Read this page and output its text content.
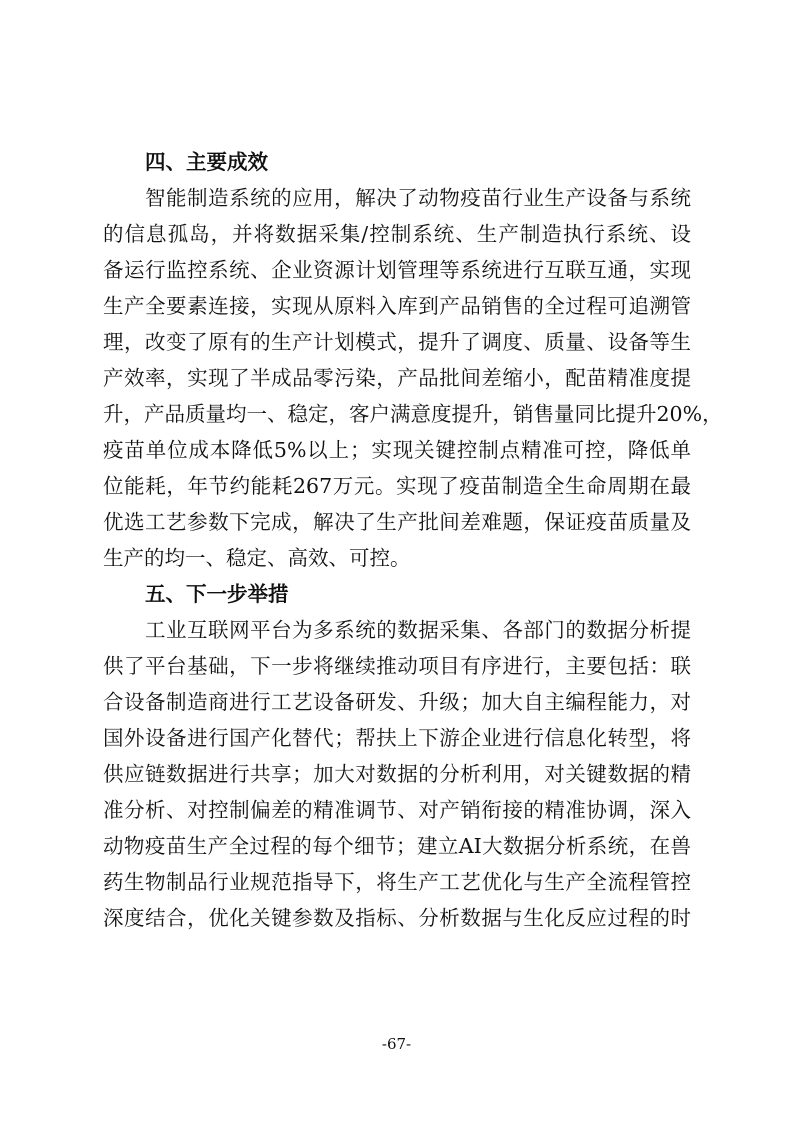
四、主要成效
智能制造系统的应用，解决了动物疫苗行业生产设备与系统
的信息孤岛，并将数据采集/控制系统、生产制造执行系统、设
备运行监控系统、企业资源计划管理等系统进行互联互通，实现
生产全要素连接，实现从原料入库到产品销售的全过程可追溯管
理，改变了原有的生产计划模式，提升了调度、质量、设备等生
产效率，实现了半成品零污染，产品批间差缩小，配苗精准度提
升，产品质量均一、稳定，客户满意度提升，销售量同比提升20%，
疫苗单位成本降低5%以上；实现关键控制点精准可控，降低单
位能耗，年节约能耗267万元。实现了疫苗制造全生命周期在最
优选工艺参数下完成，解决了生产批间差难题，保证疫苗质量及
生产的均一、稳定、高效、可控。
五、下一步举措
工业互联网平台为多系统的数据采集、各部门的数据分析提
供了平台基础，下一步将继续推动项目有序进行，主要包括：联
合设备制造商进行工艺设备研发、升级；加大自主编程能力，对
国外设备进行国产化替代；帮扶上下游企业进行信息化转型，将
供应链数据进行共享；加大对数据的分析利用，对关键数据的精
准分析、对控制偏差的精准调节、对产销衔接的精准协调，深入
动物疫苗生产全过程的每个细节；建立AI大数据分析系统，在兽
药生物制品行业规范指导下，将生产工艺优化与生产全流程管控
深度结合，优化关键参数及指标、分析数据与生化反应过程的时
-67-
